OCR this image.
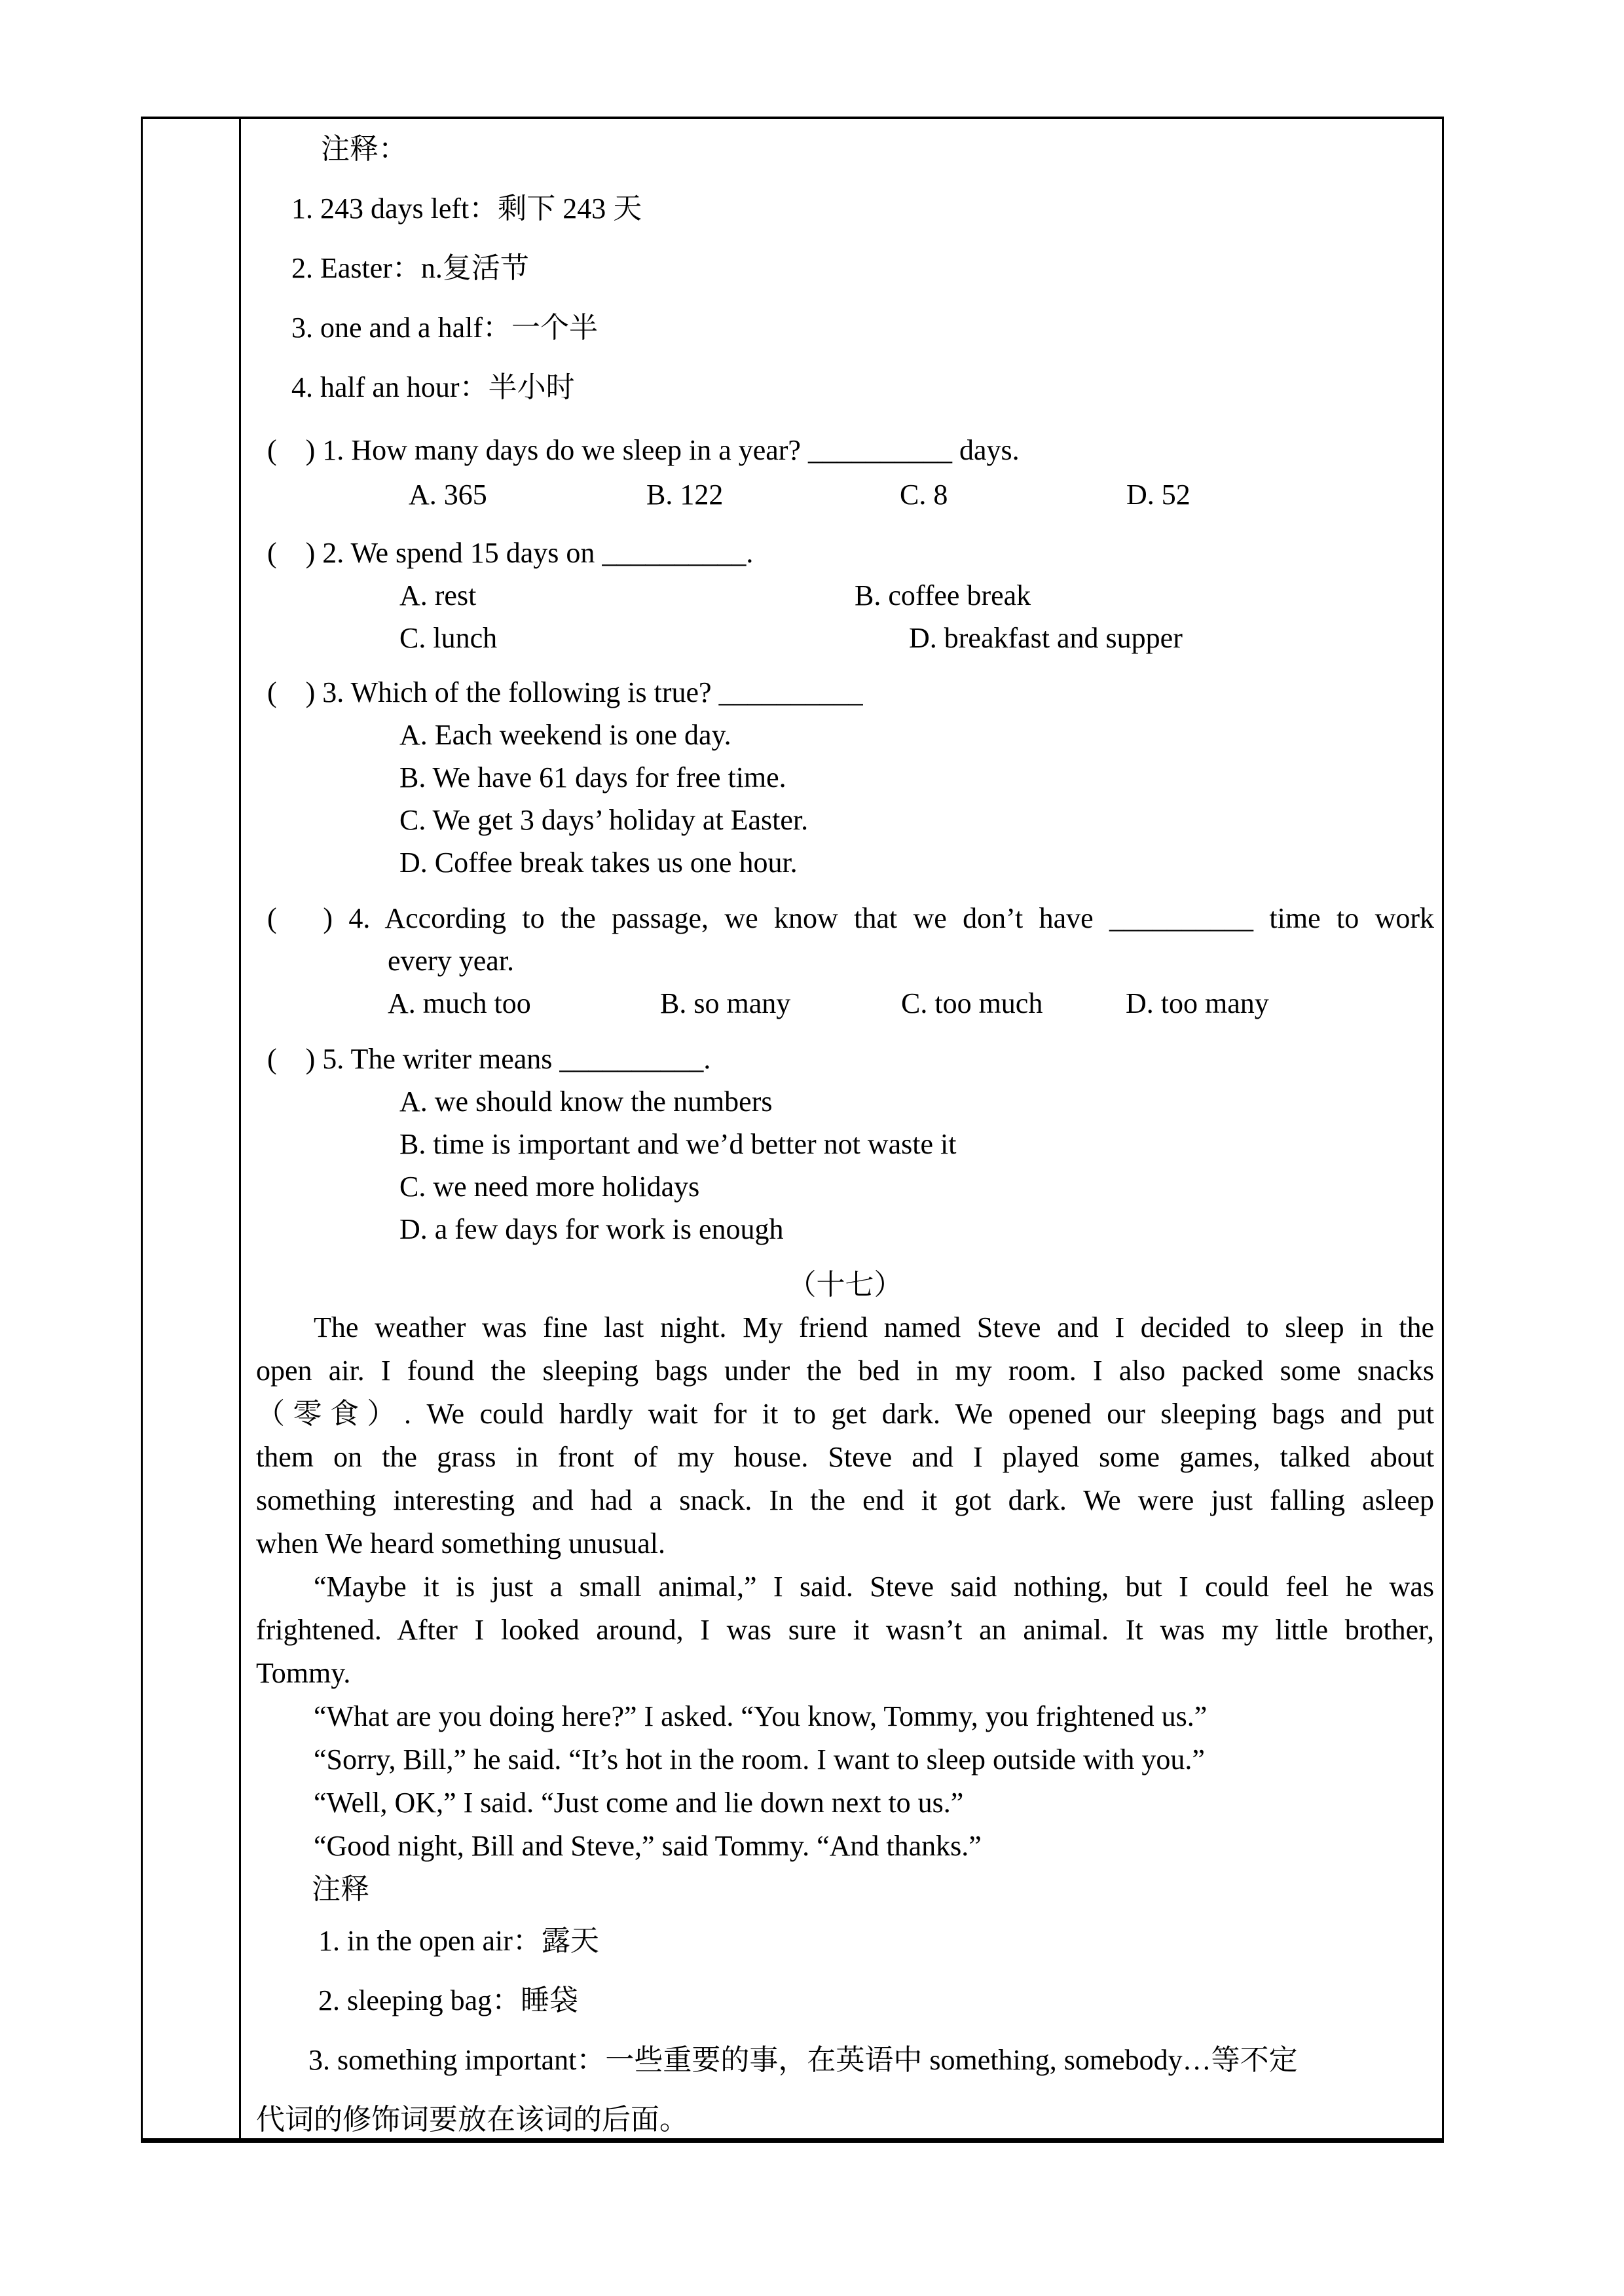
注释：
1. 243 days left：剩下 243 天
2. Easter：n.复活节
3. one and a half：一个半
4. half an hour：半小时
(　) 1. How many days do we sleep in a year? __________ days.
A. 365	B. 122	C. 8	D. 52
(　) 2. We spend 15 days on __________.
A. rest	B. coffee break
C. lunch	D. breakfast and supper
(　) 3. Which of the following is true? __________
A. Each weekend is one day.
B. We have 61 days for free time.
C. We get 3 days’ holiday at Easter.
D. Coffee break takes us one hour.
(　) 4. According to the passage, we know that we don’t have __________ time to work
every year.
A. much too	B. so many	C. too much	D. too many
(　) 5. The writer means __________.
A. we should know the numbers
B. time is important and we’d better not waste it
C. we need more holidays
D. a few days for work is enough
（十七）
The weather was fine last night. My friend named Steve and I decided to sleep in the
open air. I found the sleeping bags under the bed in my room. I also packed some snacks
（零食）. We could hardly wait for it to get dark. We opened our sleeping bags and put
them on the grass in front of my house. Steve and I played some games, talked about
something interesting and had a snack. In the end it got dark. We were just falling asleep
when We heard something unusual.
“Maybe it is just a small animal,” I said. Steve said nothing, but I could feel he was
frightened. After I looked around, I was sure it wasn’t an animal. It was my little brother,
Tommy.
“What are you doing here?” I asked. “You know, Tommy, you frightened us.”
“Sorry, Bill,” he said. “It’s hot in the room. I want to sleep outside with you.”
“Well, OK,” I said. “Just come and lie down next to us.”
“Good night, Bill and Steve,” said Tommy. “And thanks.”
注释
1. in the open air：露天
2. sleeping bag：睡袋
3. something important：一些重要的事，在英语中 something, somebody…等不定
代词的修饰词要放在该词的后面。
